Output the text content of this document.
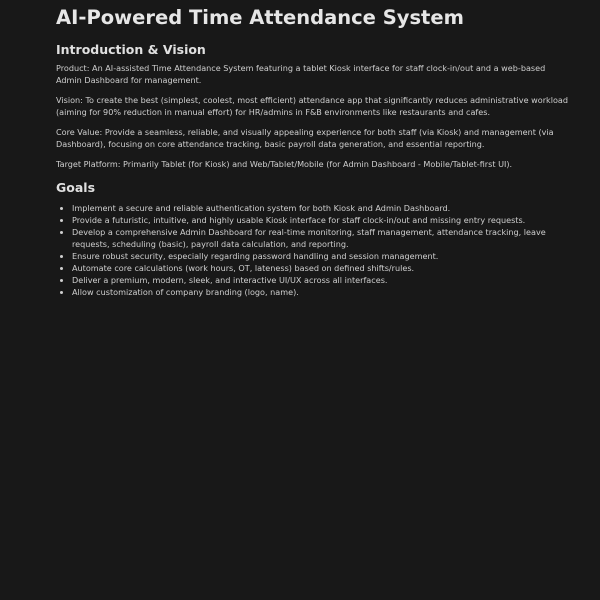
AI-Powered Time Attendance System
Introduction & Vision

Product: An AI-assisted Time Attendance System featuring a tablet Kiosk interface for staff clock-in/out and a web-based Admin Dashboard for management.

Vision: To create the best (simplest, coolest, most efficient) attendance app that significantly reduces administrative workload (aiming for 90% reduction in manual effort) for HR/admins in F&B environments like restaurants and cafes.

Core Value: Provide a seamless, reliable, and visually appealing experience for both staff (via Kiosk) and management (via Dashboard), focusing on core attendance tracking, basic payroll data generation, and essential reporting.

Target Platform: Primarily Tablet (for Kiosk) and Web/Tablet/Mobile (for Admin Dashboard - Mobile/Tablet-first UI).

Goals
• Implement a secure and reliable authentication system for both Kiosk and Admin Dashboard.
• Provide a futuristic, intuitive, and highly usable Kiosk interface for staff clock-in/out and missing entry requests.
• Develop a comprehensive Admin Dashboard for real-time monitoring, staff management, attendance tracking, leave requests, scheduling (basic), payroll data calculation, and reporting.
• Ensure robust security, especially regarding password handling and session management.
• Automate core calculations (work hours, OT, lateness) based on defined shifts/rules.
• Deliver a premium, modern, sleek, and interactive UI/UX across all interfaces.
• Allow customization of company branding (logo, name).
